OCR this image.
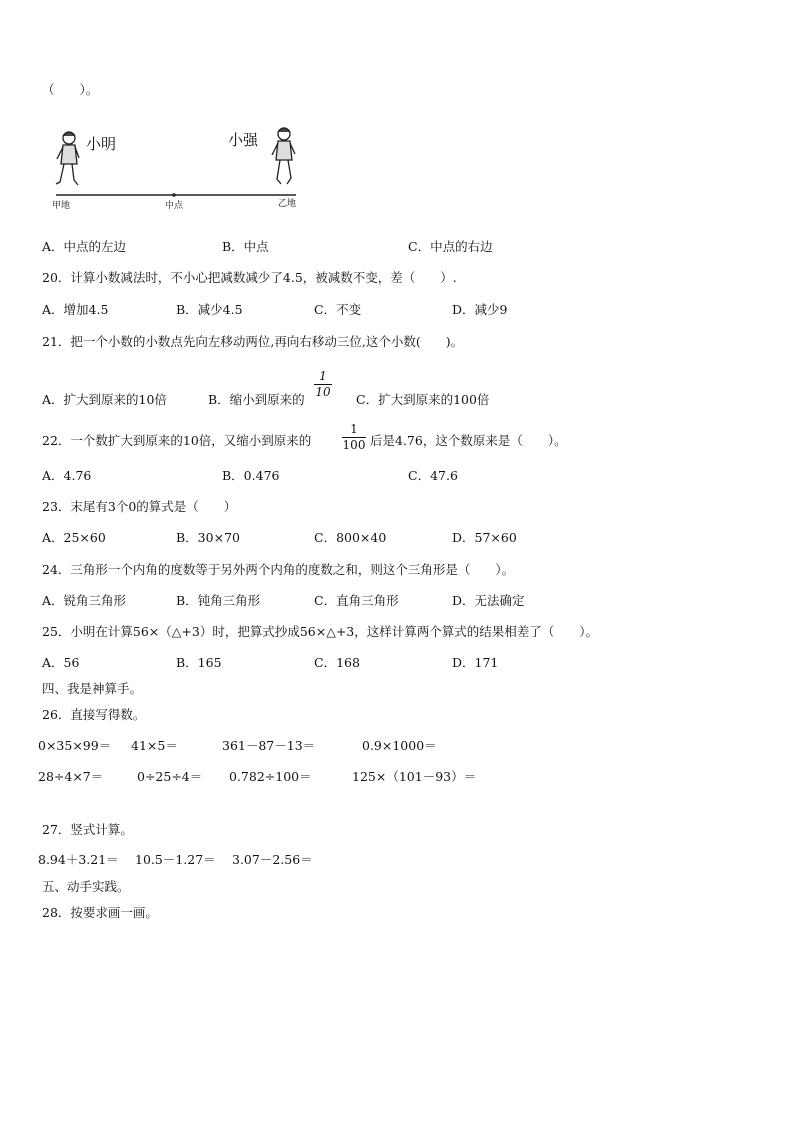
（　　）。
小明	小强
甲地	中点	乙地
A．中点的左边	B．中点	C．中点的右边
20．计算小数减法时，不小心把减数减少了4.5，被减数不变，差（　　）.
A．增加4.5	B．减少4.5	C．不变	D．减少9
21．把一个小数的小数点先向左移动两位,再向右移动三位,这个小数(　　)。
A．扩大到原来的10倍	B．缩小到原来的
1
10 C．扩大到原来的100倍
22．一个数扩大到原来的10倍，又缩小到原来的
1
100 后是4.76，这个数原来是（　　）。
A．4.76	B．0.476	C．47.6
23．末尾有3个0的算式是（　　）
A．25×60	B．30×70	C．800×40	D．57×60
24．三角形一个内角的度数等于另外两个内角的度数之和，则这个三角形是（　　）。
A．锐角三角形	B．钝角三角形	C．直角三角形	D．无法确定
25．小明在计算56×（△+3）时，把算式抄成56×△+3，这样计算两个算式的结果相差了（　　）。
A．56	B．165	C．168	D．171
四、我是神算手。
26．直接写得数。
0×35×99＝ 41×5＝	361－87－13＝	0.9×1000＝
28÷4×7＝	0÷25÷4＝ 0.782÷100＝	125×（101－93）＝
27．竖式计算。
8.94＋3.21＝ 10.5－1.27＝ 3.07－2.56＝
五、动手实践。
28．按要求画一画。
